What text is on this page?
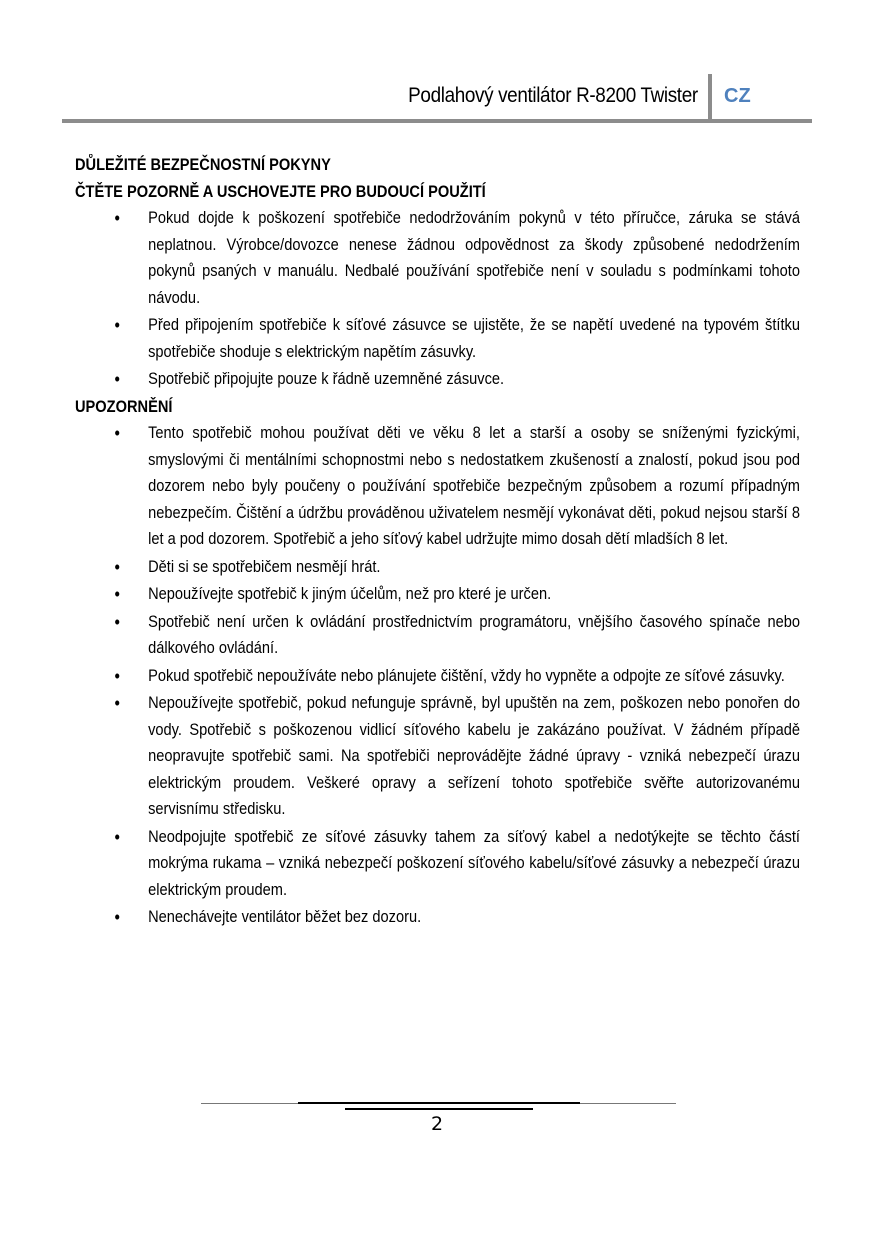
Podlahový ventilátor R-8200 Twister CZ
DŮLEŽITÉ BEZPEČNOSTNÍ POKYNY
ČTĚTE POZORNĚ A USCHOVEJTE PRO BUDOUCÍ POUŽITÍ
• Pokud dojde k poškození spotřebiče nedodržováním pokynů v této příručce, záruka se stává neplatnou. Výrobce/dovozce nenese žádnou odpovědnost za škody způsobené nedodržením pokynů psaných v manuálu. Nedbalé používání spotřebiče není v souladu s podmínkami tohoto návodu.
• Před připojením spotřebiče k síťové zásuvce se ujistěte, že se napětí uvedené na typovém štítku spotřebiče shoduje s elektrickým napětím zásuvky.
• Spotřebič připojujte pouze k řádně uzemněné zásuvce.
UPOZORNĚNÍ
• Tento spotřebič mohou používat děti ve věku 8 let a starší a osoby se sníženými fyzickými, smyslovými či mentálními schopnostmi nebo s nedostatkem zkušeností a znalostí, pokud jsou pod dozorem nebo byly poučeny o používání spotřebiče bezpečným způsobem a rozumí případným nebezpečím. Čištění a údržbu prováděnou uživatelem nesmějí vykonávat děti, pokud nejsou starší 8 let a pod dozorem. Spotřebič a jeho síťový kabel udržujte mimo dosah dětí mladších 8 let.
• Děti si se spotřebičem nesmějí hrát.
• Nepoužívejte spotřebič k jiným účelům, než pro které je určen.
• Spotřebič není určen k ovládání prostřednictvím programátoru, vnějšího časového spínače nebo dálkového ovládání.
• Pokud spotřebič nepoužíváte nebo plánujete čištění, vždy ho vypněte a odpojte ze síťové zásuvky.
• Nepoužívejte spotřebič, pokud nefunguje správně, byl upuštěn na zem, poškozen nebo ponořen do vody. Spotřebič s poškozenou vidlicí síťového kabelu je zakázáno používat. V žádném případě neopravujte spotřebič sami. Na spotřebiči neprovádějte žádné úpravy - vzniká nebezpečí úrazu elektrickým proudem. Veškeré opravy a seřízení tohoto spotřebiče svěřte autorizovanému servisnímu středisku.
• Neodpojujte spotřebič ze síťové zásuvky tahem za síťový kabel a nedotýkejte se těchto částí mokrýma rukama – vzniká nebezpečí poškození síťového kabelu/síťové zásuvky a nebezpečí úrazu elektrickým proudem.
• Nenechávejte ventilátor běžet bez dozoru.
2
